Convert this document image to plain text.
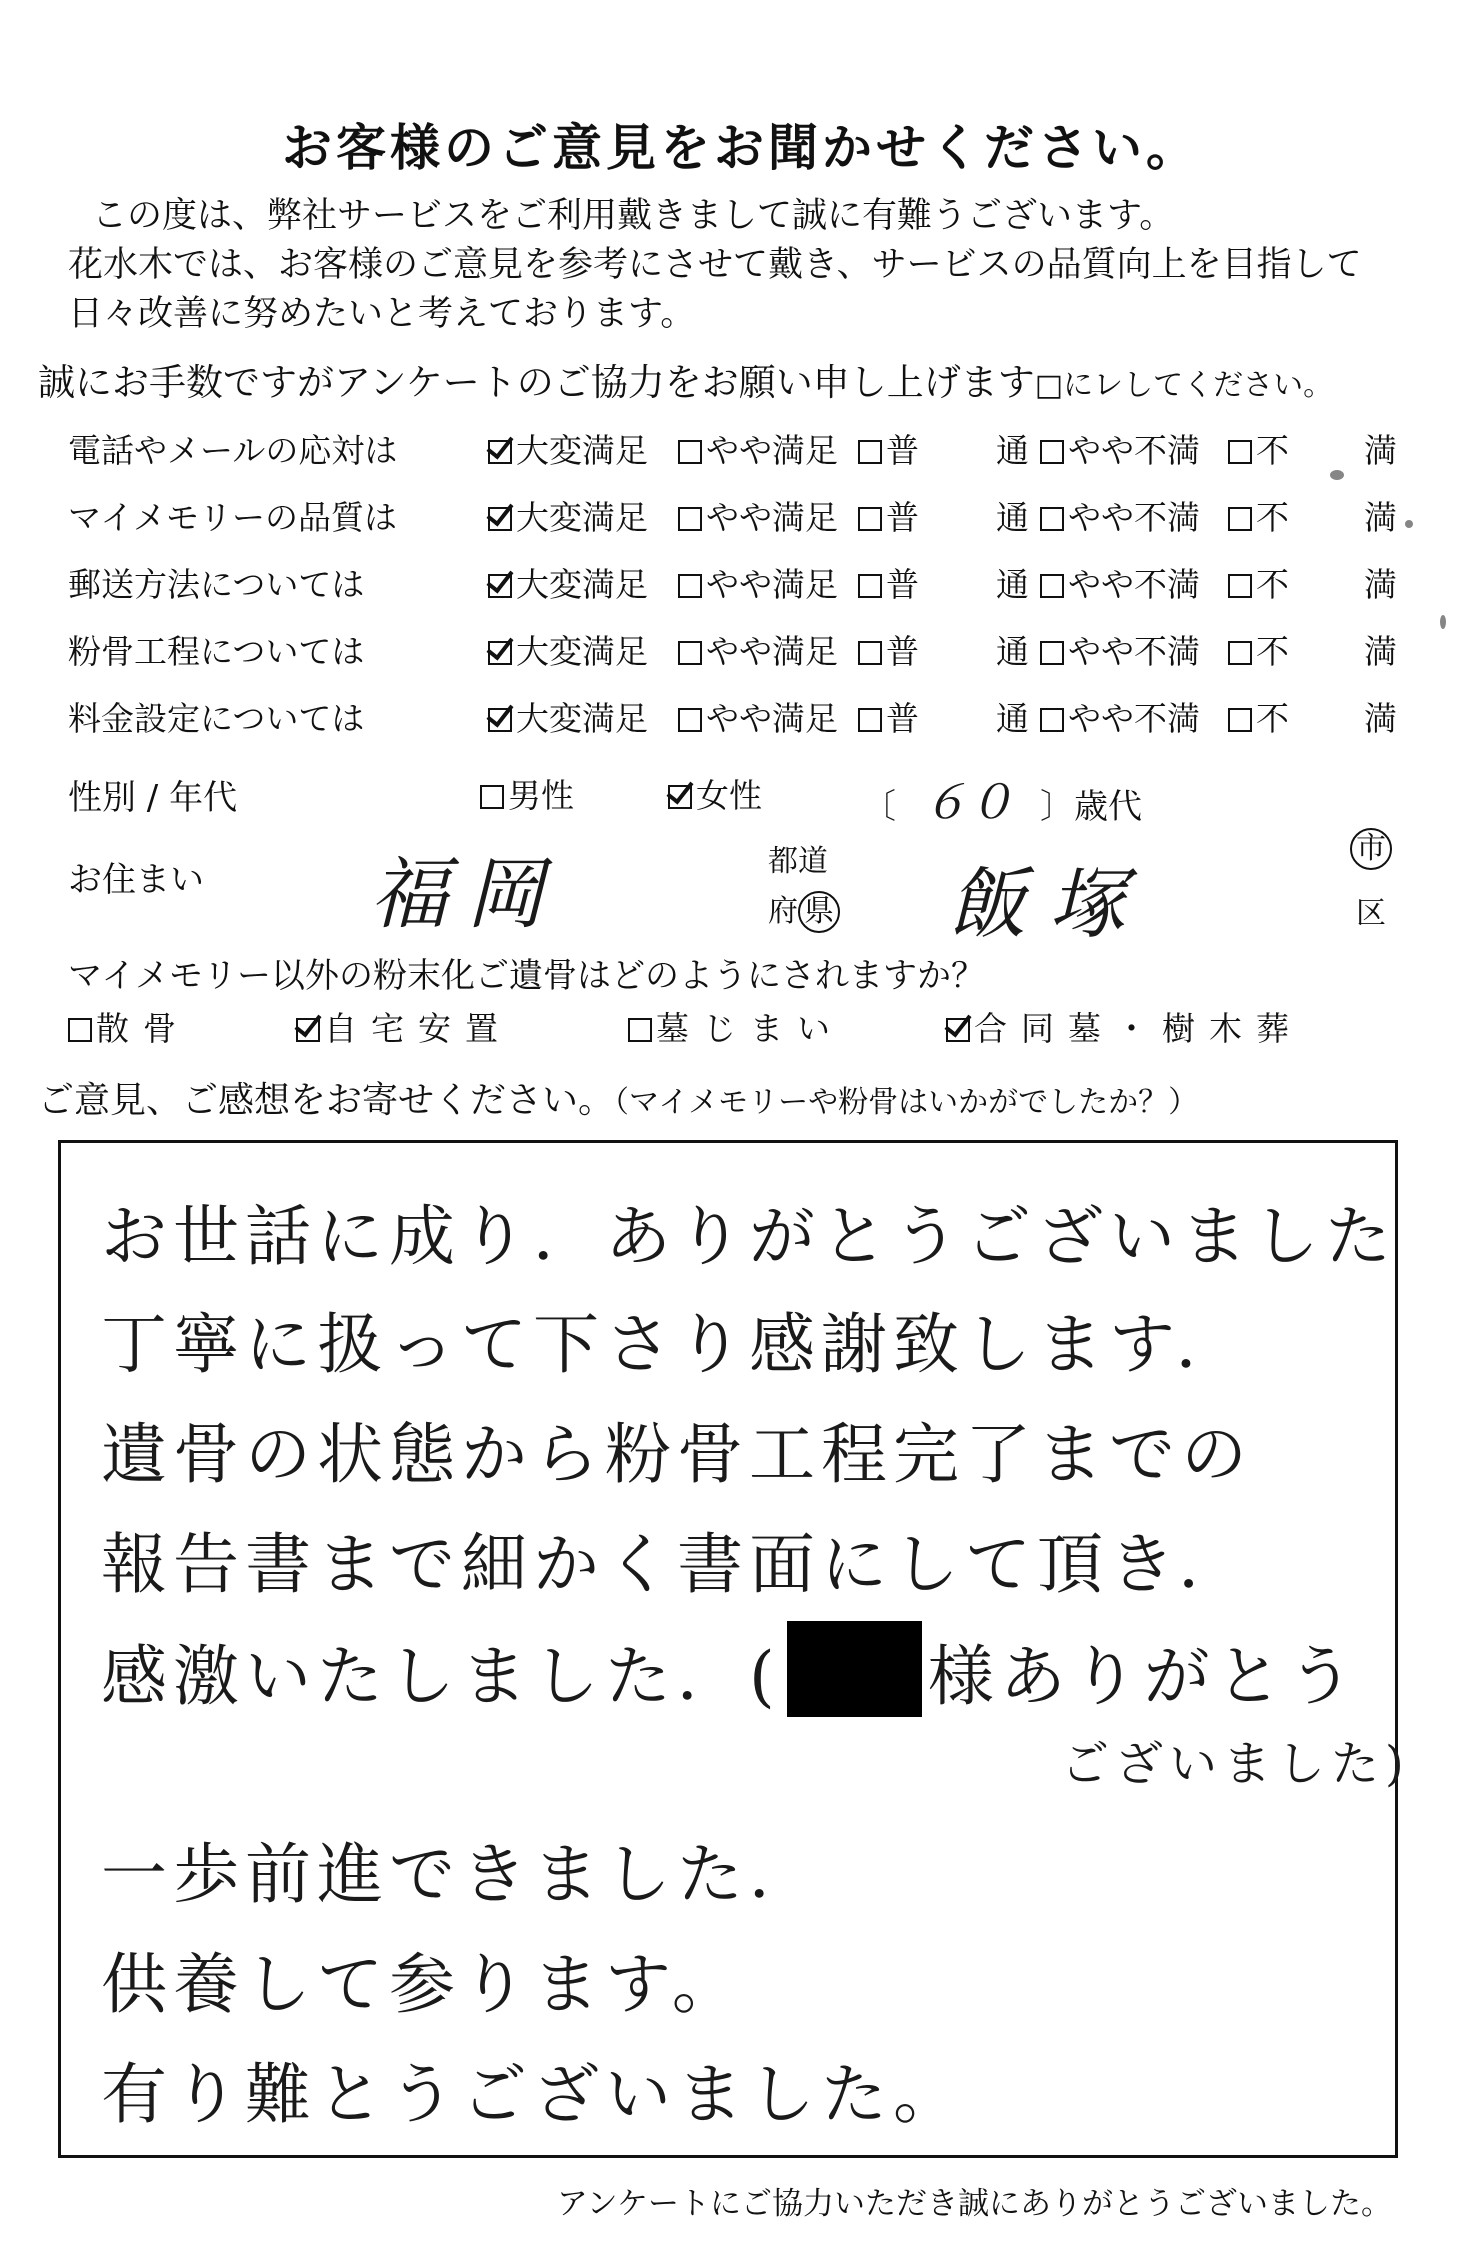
お客様のご意見をお聞かせください。
この度は、弊社サービスをご利用戴きまして誠に有難うございます。
花水木では、お客様のご意見を参考にさせて戴き、サービスの品質向上を目指して
日々改善に努めたいと考えております。
誠にお手数ですがアンケートのご協力をお願い申し上げます□にレしてください。
電話やメールの応対は	大変満足	やや満足	普 通	やや不満	不 満
マイメモリーの品質は	大変満足	やや満足	普 通	やや不満	不 満
郵送方法については	大変満足	やや満足	普 通	やや不満	不 満
粉骨工程については	大変満足	やや満足	普 通	やや不満	不 満
料金設定については	大変満足	やや満足	普 通	やや不満	不 満
性別 / 年代	男性	女性	〔 ６０ 〕歳代
お住まい 福岡	都道
府 県 飯塚
市
区
マイメモリー以外の粉末化ご遺骨はどのようにされますか？
散骨	自宅安置	墓じまい	合同墓・樹木葬
ご意見、ご感想をお寄せください。（マイメモリーや粉骨はいかがでしたか？）
お世話に成り．ありがとうございました
丁寧に扱って下さり感謝致します．
遺骨の状態から粉骨工程完了までの
報告書まで細かく書面にして頂き．
感激いたしました．( 様ありがとう
ございました)
一歩前進できました．
供養して参ります。
有り難とうございました。
アンケートにご協力いただき誠にありがとうございました。
